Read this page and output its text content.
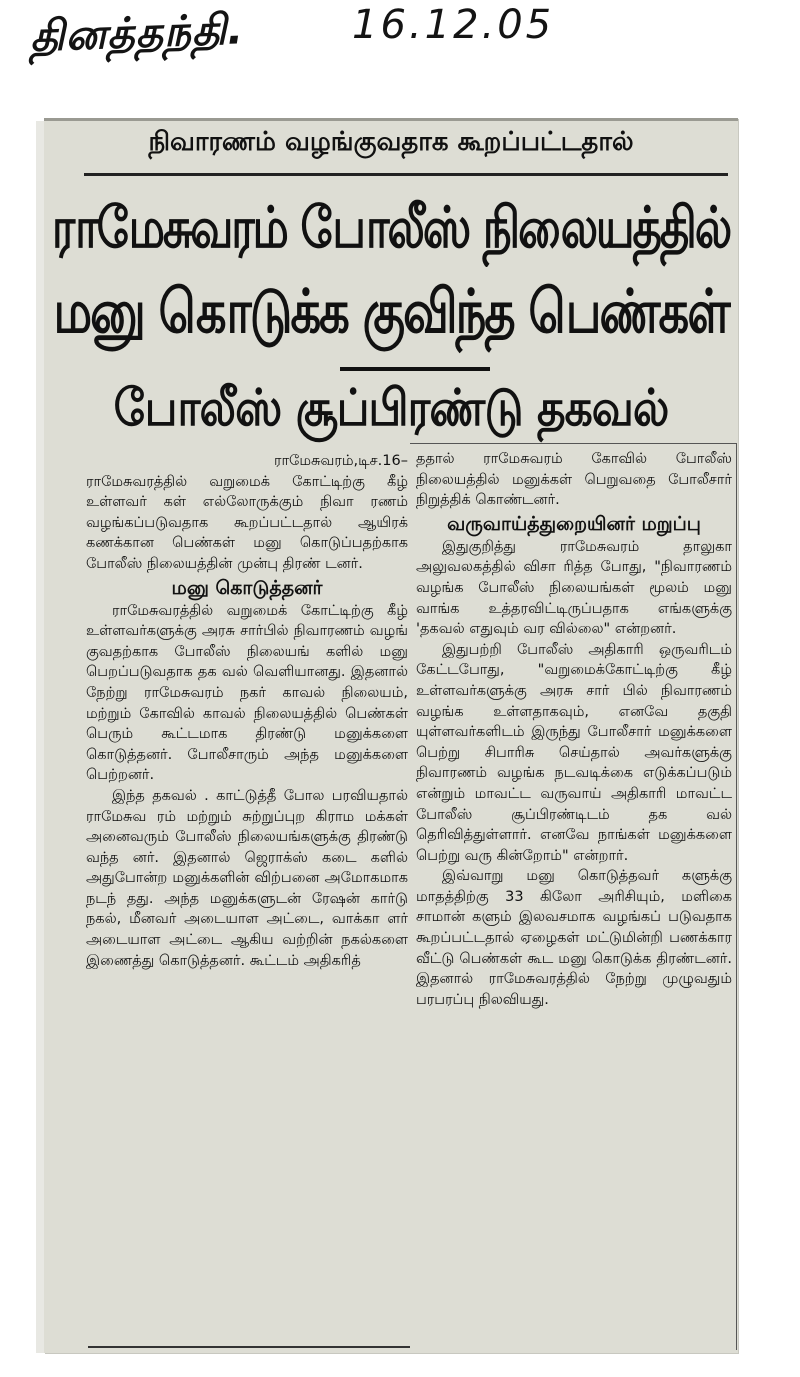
தினத்தந்தி.	16.12.05
நிவாரணம் வழங்குவதாக கூறப்பட்டதால்
ராமேசுவரம் போலீஸ் நிலையத்தில்
மனு கொடுக்க குவிந்த பெண்கள்
போலீஸ் சூப்பிரண்டு தகவல்

ராமேசுவரம்,டிச.16–

ராமேசுவரத்தில் வறுமைக் கோட்டிற்கு கீழ் உள்ளவர் கள் எல்லோருக்கும் நிவா ரணம் வழங்கப்படுவதாக கூறப்பட்டதால் ஆயிரக் கணக்கான பெண்கள் மனு கொடுப்பதற்காக போலீஸ் நிலையத்தின் முன்பு திரண் டனர்.

மனு கொடுத்தனர்

ராமேசுவரத்தில் வறுமைக் கோட்டிற்கு கீழ் உள்ளவர்களுக்கு அரசு சார்பில் நிவாரணம் வழங் குவதற்காக போலீஸ் நிலையங் களில் மனு பெறப்படுவதாக தக வல் வெளியானது. இதனால் நேற்று ராமேசுவரம் நகர் காவல் நிலையம், மற்றும் கோவில் காவல் நிலையத்தில் பெண்கள் பெரும் கூட்டமாக திரண்டு மனுக்களை கொடுத்தனர். போலீசாரும் அந்த மனுக்களை பெற்றனர்.

இந்த தகவல் . காட்டுத்தீ போல பரவியதால் ராமேசுவ ரம் மற்றும் சுற்றுப்புற கிராம மக்கள் அனைவரும் போலீஸ் நிலையங்களுக்கு திரண்டு வந்த னர். இதனால் ஜெராக்ஸ் கடை களில் அதுபோன்ற மனுக்களின் விற்பனை அமோகமாக நடந் தது. அந்த மனுக்களுடன் ரேஷன் கார்டு நகல், மீனவர் அடையாள அட்டை, வாக்கா ளர் அடையாள அட்டை ஆகிய வற்றின் நகல்களை இணைத்து கொடுத்தனர். கூட்டம் அதிகரித்

ததால் ராமேசுவரம் கோவில் போலீஸ் நிலையத்தில் மனுக்கள் பெறுவதை போலீசார் நிறுத்திக் கொண்டனர்.

வருவாய்த்துறையினர் மறுப்பு

இதுகுறித்து ராமேசுவரம் தாலுகா அலுவலகத்தில் விசா ரித்த போது, "நிவாரணம் வழங்க போலீஸ் நிலையங்கள் மூலம் மனு வாங்க உத்தரவிட்டிருப்பதாக எங்களுக்கு 'தகவல் எதுவும் வர வில்லை" என்றனர்.

இதுபற்றி போலீஸ் அதிகாரி ஒருவரிடம் கேட்டபோது, "வறுமைக்கோட்டிற்கு கீழ் உள்ளவர்களுக்கு அரசு சார் பில் நிவாரணம் வழங்க உள்ளதாகவும், எனவே தகுதி யுள்ளவர்களிடம் இருந்து போலீசார் மனுக்களை பெற்று சிபாரிசு செய்தால் அவர்களுக்கு நிவாரணம் வழங்க நடவடிக்கை எடுக்கப்படும் என்றும் மாவட்ட வருவாய் அதிகாரி மாவட்ட போலீஸ் சூப்பிரண்டிடம் தக வல் தெரிவித்துள்ளார். எனவே நாங்கள் மனுக்களை பெற்று வரு கின்றோம்" என்றார்.

இவ்வாறு மனு கொடுத்தவர் களுக்கு மாதத்திற்கு 33 கிலோ அரிசியும், மளிகை சாமான் களும் இலவசமாக வழங்கப் படுவதாக கூறப்பட்டதால் ஏழைகள் மட்டுமின்றி பணக்கார வீட்டு பெண்கள் கூட மனு கொடுக்க திரண்டனர். இதனால் ராமேசுவரத்தில் நேற்று முழுவதும் பரபரப்பு நிலவியது.
